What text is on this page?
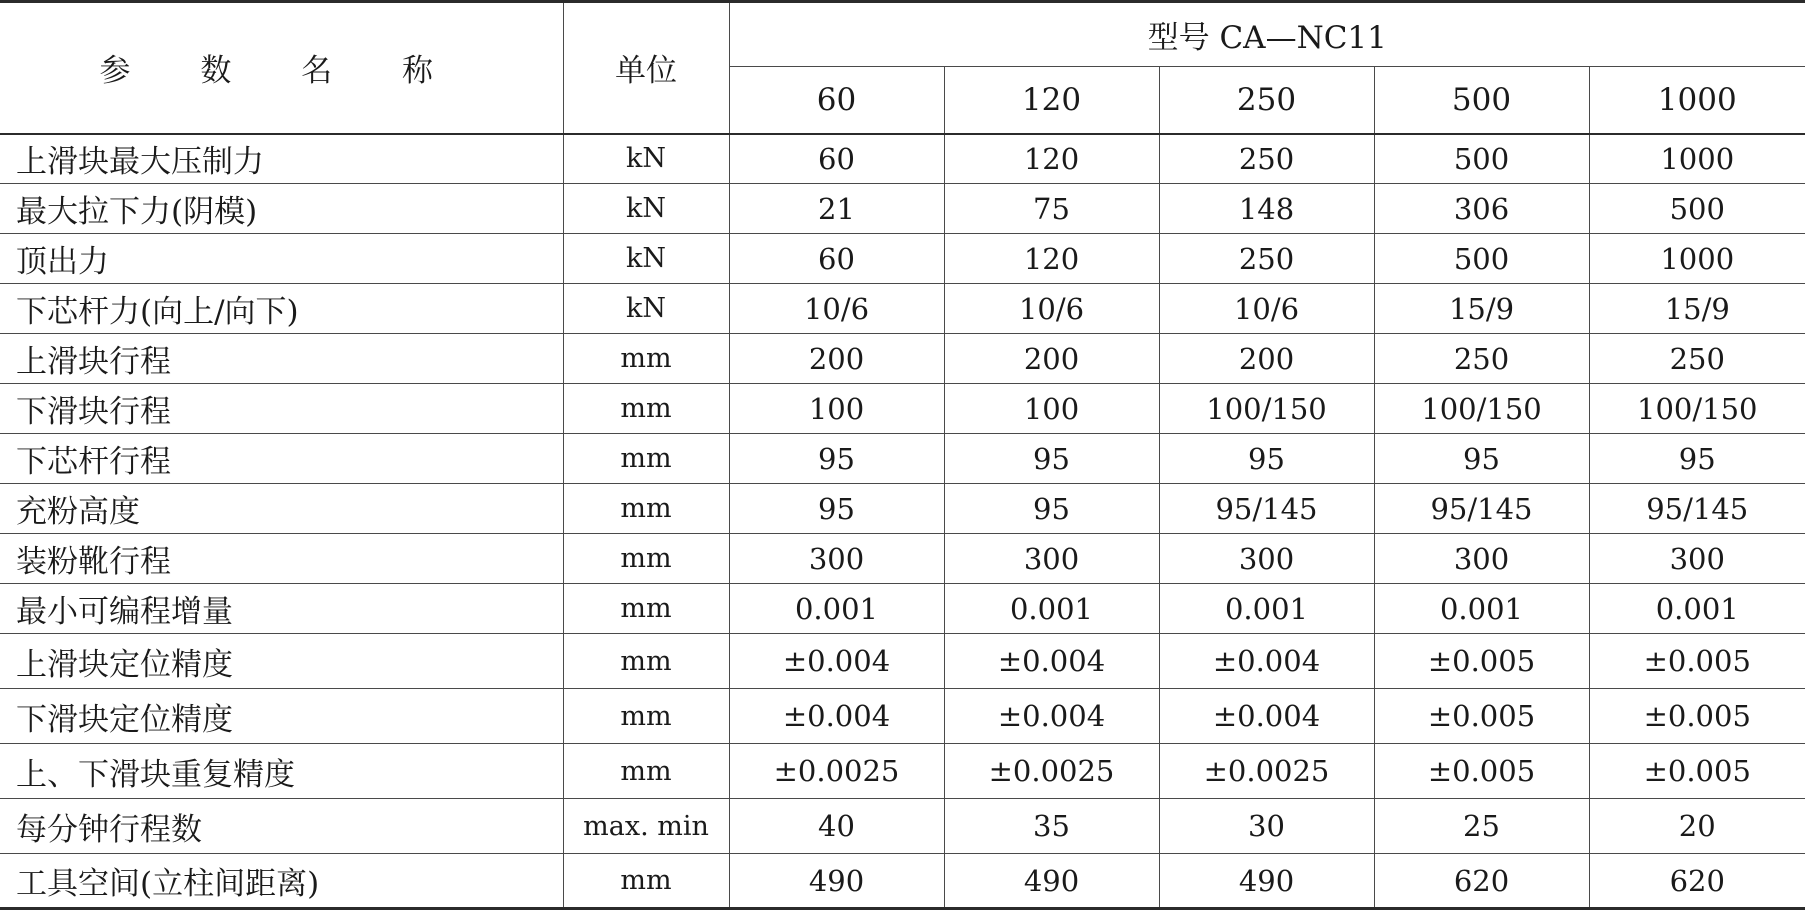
参 数 名 称	单位	型号 CA—NC11				
		60	120	250	500	1000
上滑块最大压制力	kN	60	120	250	500	1000
最大拉下力(阴模)	kN	21	75	148	306	500
顶出力	kN	60	120	250	500	1000
下芯杆力(向上/向下)	kN	10/6	10/6	10/6	15/9	15/9
上滑块行程	mm	200	200	200	250	250
下滑块行程	mm	100	100	100/150	100/150	100/150
下芯杆行程	mm	95	95	95	95	95
充粉高度	mm	95	95	95/145	95/145	95/145
装粉靴行程	mm	300	300	300	300	300
最小可编程增量	mm	0.001	0.001	0.001	0.001	0.001
上滑块定位精度	mm	±0.004	±0.004	±0.004	±0.005	±0.005
下滑块定位精度	mm	±0.004	±0.004	±0.004	±0.005	±0.005
上、下滑块重复精度	mm	±0.0025	±0.0025	±0.0025	±0.005	±0.005
每分钟行程数	max. min	40	35	30	25	20
工具空间(立柱间距离)	mm	490	490	490	620	620
